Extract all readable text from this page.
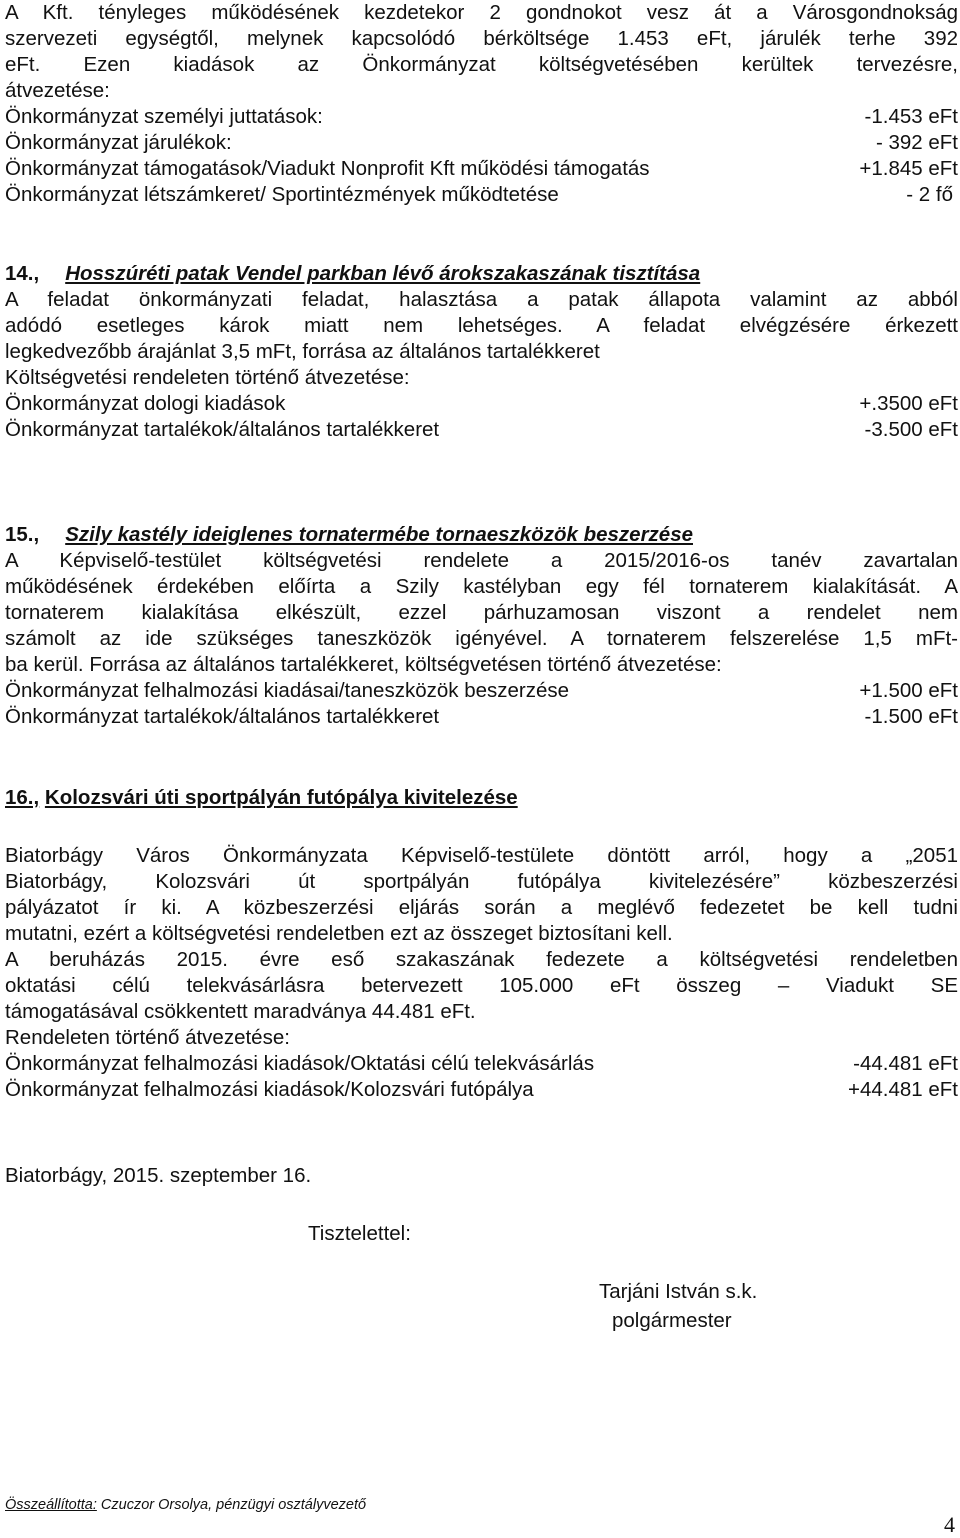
A Kft. tényleges működésének kezdetekor 2 gondnokot vesz át a Városgondnokság

szervezeti egységtől, melynek kapcsolódó bérköltsége 1.453 eFt, járulék terhe 392

eFt. Ezen kiadások az Önkormányzat költségvetésében kerültek tervezésre,

átvezetése:

Önkormányzat személyi juttatások:	-1.453 eFt
Önkormányzat járulékok:	- 392 eFt
Önkormányzat támogatások/Viadukt Nonprofit Kft működési támogatás	+1.845 eFt
Önkormányzat létszámkeret/ Sportintézmények működtetése	- 2 fő
14., Hosszúréti patak Vendel parkban lévő árokszakaszának tisztítása

A feladat önkormányzati feladat, halasztása a patak állapota valamint az abból

adódó esetleges károk miatt nem lehetséges. A feladat elvégzésére érkezett

legkedvezőbb árajánlat 3,5 mFt, forrása az általános tartalékkeret

Költségvetési rendeleten történő átvezetése:

Önkormányzat dologi kiadások	+.3500 eFt
Önkormányzat tartalékok/általános tartalékkeret	-3.500 eFt
15., Szily kastély ideiglenes tornatermébe tornaeszközök beszerzése

A Képviselő-testület költségvetési rendelete a 2015/2016-os tanév zavartalan

működésének érdekében előírta a Szily kastélyban egy fél tornaterem kialakítását. A

tornaterem kialakítása elkészült, ezzel párhuzamosan viszont a rendelet nem

számolt az ide szükséges taneszközök igényével. A tornaterem felszerelése 1,5 mFt-

ba kerül. Forrása az általános tartalékkeret, költségvetésen történő átvezetése:

Önkormányzat felhalmozási kiadásai/taneszközök beszerzése	+1.500 eFt
Önkormányzat tartalékok/általános tartalékkeret	-1.500 eFt
16., Kolozsvári úti sportpályán futópálya kivitelezése

Biatorbágy Város Önkormányzata Képviselő-testülete döntött arról, hogy a „2051

Biatorbágy, Kolozsvári út sportpályán futópálya kivitelezésére” közbeszerzési

pályázatot ír ki. A közbeszerzési eljárás során a meglévő fedezetet be kell tudni

mutatni, ezért a költségvetési rendeletben ezt az összeget biztosítani kell.

A beruházás 2015. évre eső szakaszának fedezete a költségvetési rendeletben

oktatási célú telekvásárlásra betervezett 105.000 eFt összeg – Viadukt SE

támogatásával csökkentett maradványa 44.481 eFt.

Rendeleten történő átvezetése:

Önkormányzat felhalmozási kiadások/Oktatási célú telekvásárlás	-44.481 eFt
Önkormányzat felhalmozási kiadások/Kolozsvári futópálya	+44.481 eFt

Biatorbágy, 2015. szeptember 16.

Tisztelettel:

Tarjáni István s.k.

polgármester

Összeállította: Czuczor Orsolya, pénzügyi osztályvezető
4
